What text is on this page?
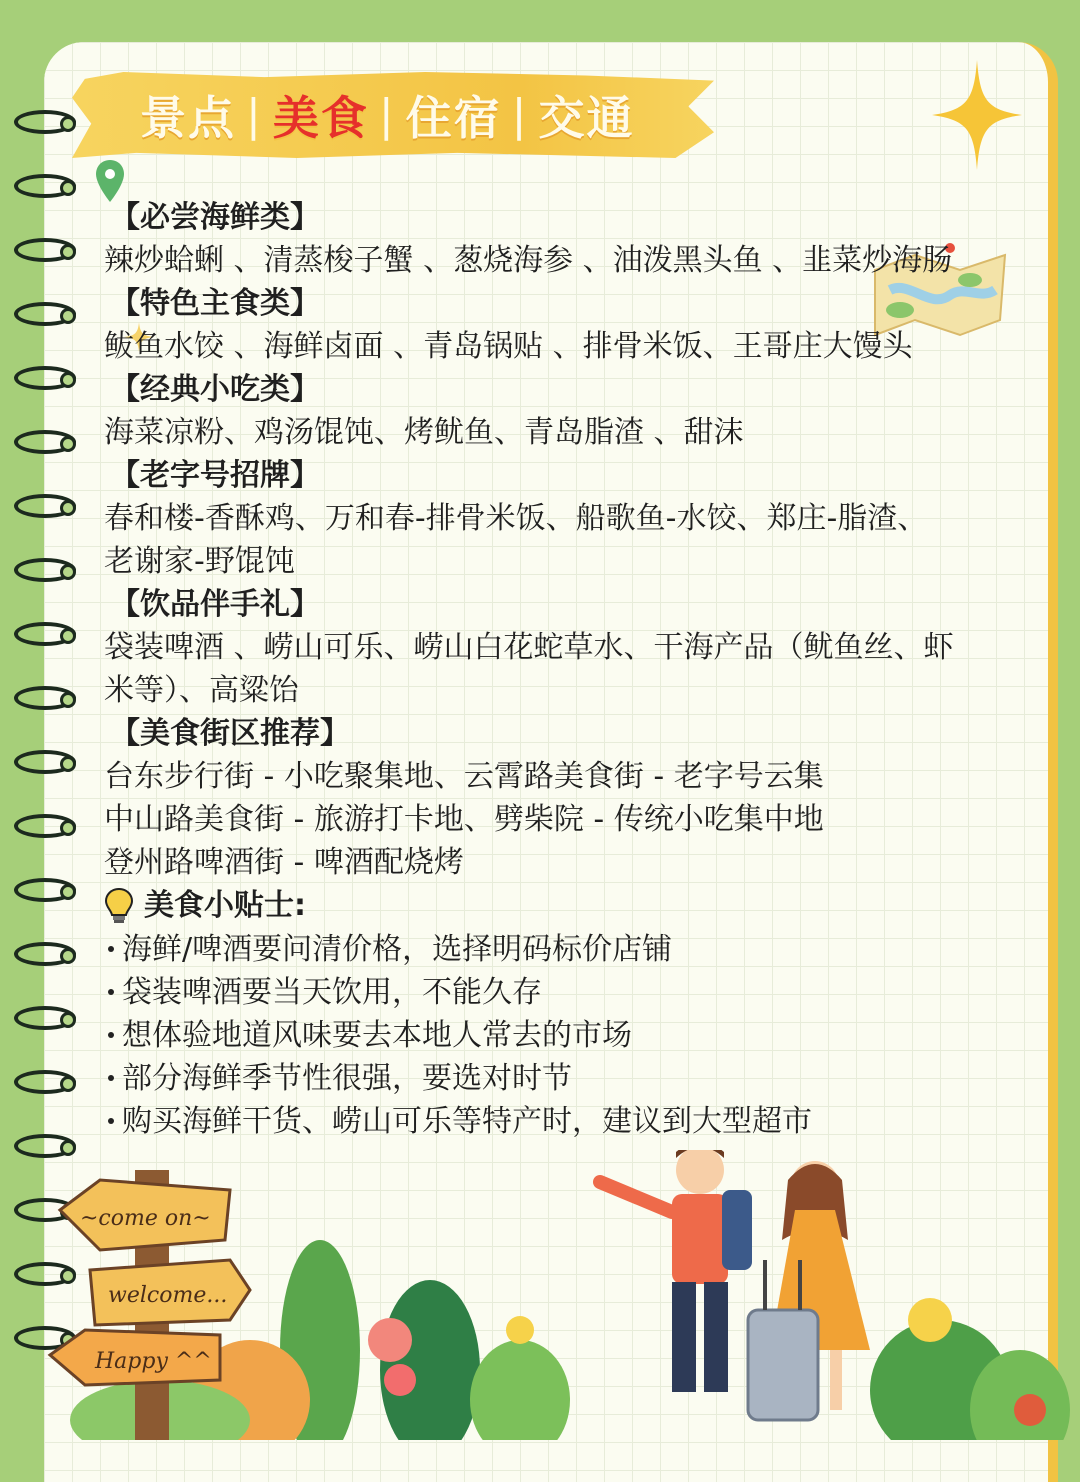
景点 | 美食 | 住宿 | 交通
【必尝海鲜类】
辣炒蛤蜊 、清蒸梭子蟹 、葱烧海参 、油泼黑头鱼 、韭菜炒海肠
【特色主食类】
鲅鱼水饺 、海鲜卤面 、青岛锅贴 、排骨米饭、王哥庄大馒头
【经典小吃类】
海菜凉粉、鸡汤馄饨、烤鱿鱼、青岛脂渣 、甜沫
【老字号招牌】
春和楼-香酥鸡、万和春-排骨米饭、船歌鱼-水饺、郑庄-脂渣、
老谢家-野馄饨
【饮品伴手礼】
袋装啤酒 、崂山可乐、崂山白花蛇草水、干海产品（鱿鱼丝、虾
米等）、高粱饴
【美食街区推荐】
台东步行街 - 小吃聚集地、云霄路美食街 - 老字号云集
中山路美食街 - 旅游打卡地、劈柴院 - 传统小吃集中地
登州路啤酒街 - 啤酒配烧烤
美食小贴士:
海鲜/啤酒要问清价格，选择明码标价店铺
袋装啤酒要当天饮用，不能久存
想体验地道风味要去本地人常去的市场
部分海鲜季节性很强，要选对时节
购买海鲜干货、崂山可乐等特产时，建议到大型超市
~come on~
welcome...
Happy ^^
